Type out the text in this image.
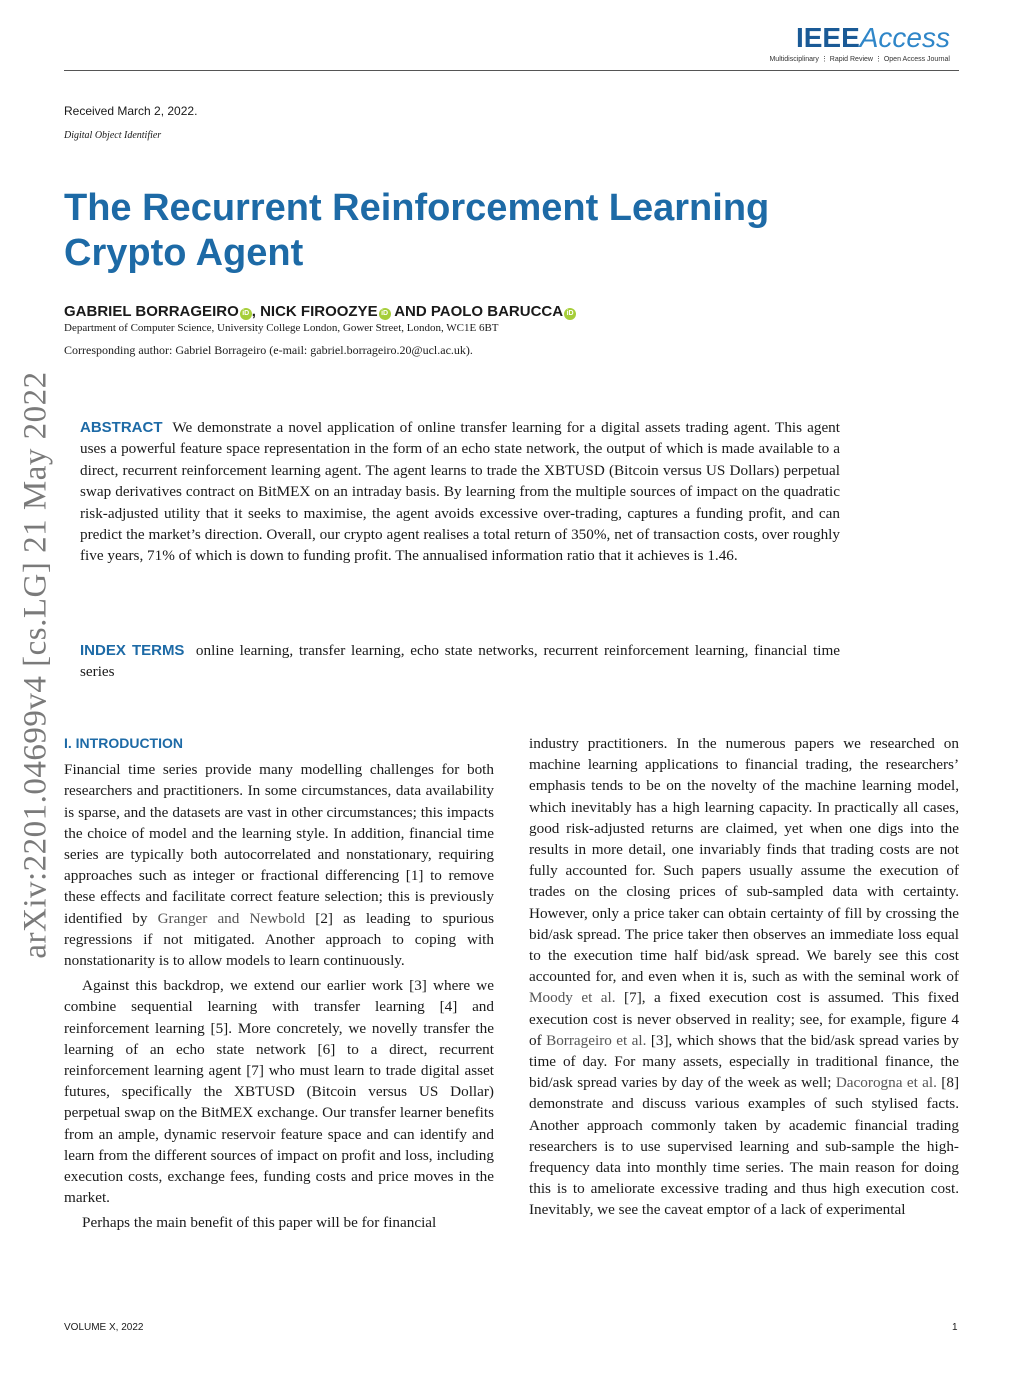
IEEEAccess
Multidisciplinary ⋮ Rapid Review ⋮ Open Access Journal
Received March 2, 2022.
Digital Object Identifier
The Recurrent Reinforcement Learning Crypto Agent
GABRIEL BORRAGEIRO iD , NICK FIROOZYE iD AND PAOLO BARUCCA iD
Department of Computer Science, University College London, Gower Street, London, WC1E 6BT
Corresponding author: Gabriel Borrageiro (e-mail: gabriel.borrageiro.20@ucl.ac.uk).
arXiv:2201.04699v4 [cs.LG] 21 May 2022 ABSTRACT We demonstrate a novel application of online transfer learning for a digital assets trading agent. This agent uses a powerful feature space representation in the form of an echo state network, the output of which is made available to a direct, recurrent reinforcement learning agent. The agent learns to trade the XBTUSD (Bitcoin versus US Dollars) perpetual swap derivatives contract on BitMEX on an intraday basis. By learning from the multiple sources of impact on the quadratic risk-adjusted utility that it seeks to maximise, the agent avoids excessive over-trading, captures a funding profit, and can predict the market’s direction. Overall, our crypto agent realises a total return of 350%, net of transaction costs, over roughly five years, 71% of which is down to funding profit. The annualised information ratio that it achieves is 1.46.
INDEX TERMS online learning, transfer learning, echo state networks, recurrent reinforcement learning, financial time series
I. INTRODUCTION

Financial time series provide many modelling challenges for both researchers and practitioners. In some circumstances, data availability is sparse, and the datasets are vast in other circumstances; this impacts the choice of model and the learning style. In addition, financial time series are typically both autocorrelated and nonstationary, requiring approaches such as integer or fractional differencing [1] to remove these effects and facilitate correct feature selection; this is previously identified by Granger and Newbold [2] as leading to spurious regressions if not mitigated. Another approach to coping with nonstationarity is to allow models to learn continuously.

Against this backdrop, we extend our earlier work [3] where we combine sequential learning with transfer learning [4] and reinforcement learning [5]. More concretely, we novelly transfer the learning of an echo state network [6] to a direct, recurrent reinforcement learning agent [7] who must learn to trade digital asset futures, specifically the XBTUSD (Bitcoin versus US Dollar) perpetual swap on the BitMEX exchange. Our transfer learner benefits from an ample, dynamic reservoir feature space and can identify and learn from the different sources of impact on profit and loss, including execution costs, exchange fees, funding costs and price moves in the market.

Perhaps the main benefit of this paper will be for financial

industry practitioners. In the numerous papers we researched on machine learning applications to financial trading, the researchers’ emphasis tends to be on the novelty of the machine learning model, which inevitably has a high learning capacity. In practically all cases, good risk-adjusted returns are claimed, yet when one digs into the results in more detail, one invariably finds that trading costs are not fully accounted for. Such papers usually assume the execution of trades on the closing prices of sub-sampled data with certainty. However, only a price taker can obtain certainty of fill by crossing the bid/ask spread. The price taker then observes an immediate loss equal to the execution time half bid/ask spread. We barely see this cost accounted for, and even when it is, such as with the seminal work of Moody et al. [7], a fixed execution cost is assumed. This fixed execution cost is never observed in reality; see, for example, figure 4 of Borrageiro et al. [3], which shows that the bid/ask spread varies by time of day. For many assets, especially in traditional finance, the bid/ask spread varies by day of the week as well; Dacorogna et al. [8] demonstrate and discuss various examples of such stylised facts. Another approach commonly taken by academic financial trading researchers is to use supervised learning and sub-sample the high-frequency data into monthly time series. The main reason for doing this is to ameliorate excessive trading and thus high execution cost. Inevitably, we see the caveat emptor of a lack of experimental

VOLUME X, 2022	1
